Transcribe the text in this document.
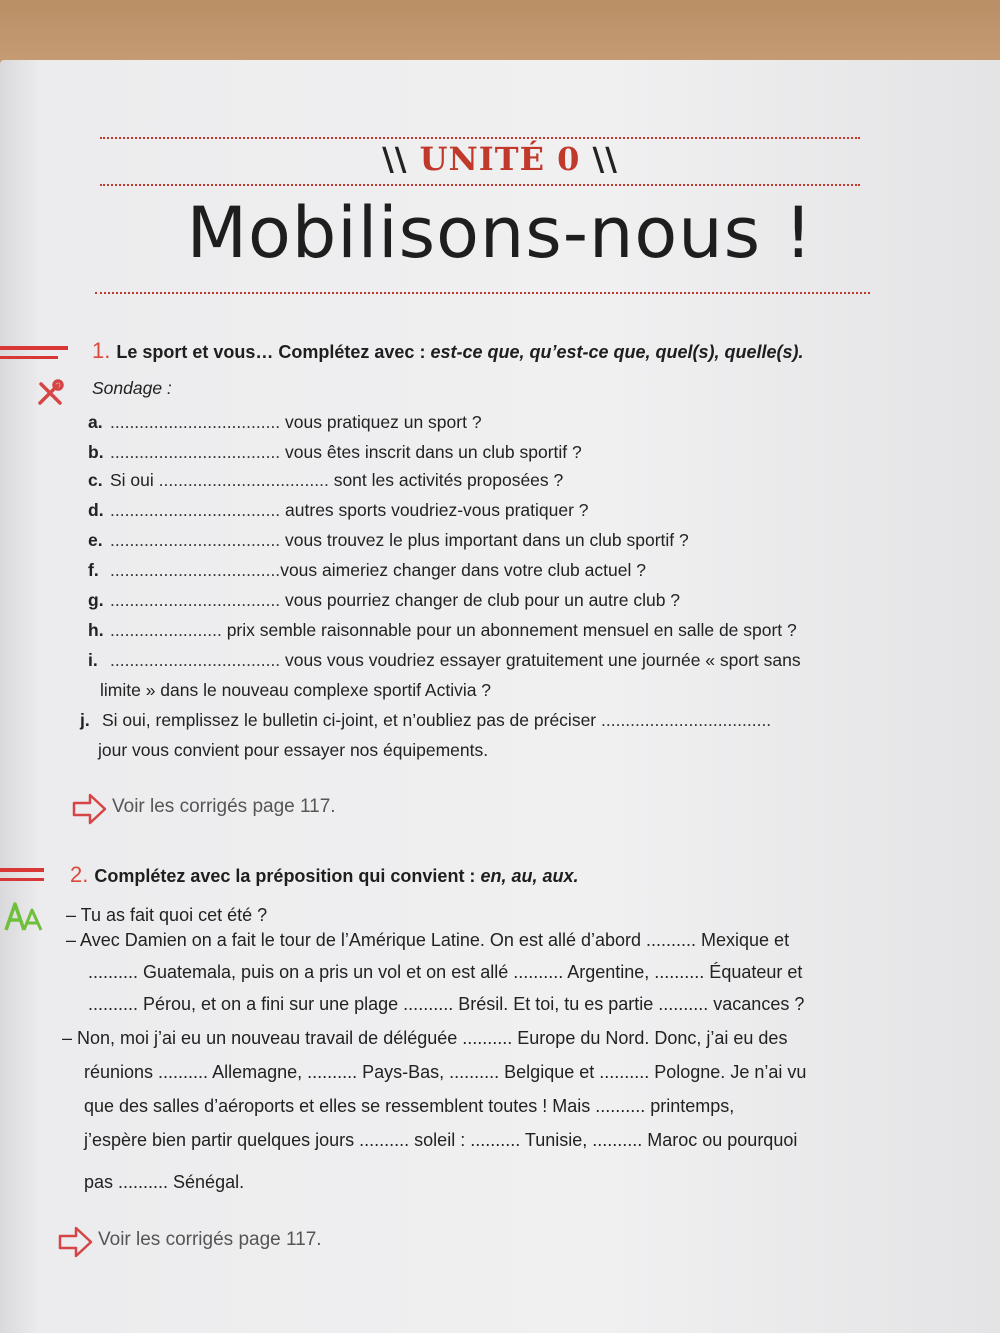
\\ UNITÉ 0 \\
Mobilisons-nous !
1. Le sport et vous… Complétez avec : est-ce que, qu’est-ce que, quel(s), quelle(s).
Sondage :
a. ................................... vous pratiquez un sport ?
b. ................................... vous êtes inscrit dans un club sportif ?
c. Si oui ................................... sont les activités proposées ?
d. ................................... autres sports voudriez-vous pratiquer ?
e. ................................... vous trouvez le plus important dans un club sportif ?
f. ...................................vous aimeriez changer dans votre club actuel ?
g. ................................... vous pourriez changer de club pour un autre club ?
h. ....................... prix semble raisonnable pour un abonnement mensuel en salle de sport ?
i. ................................... vous vous voudriez essayer gratuitement une journée « sport sans
limite » dans le nouveau complexe sportif Activia ?
j. Si oui, remplissez le bulletin ci-joint, et n’oubliez pas de préciser ...................................
jour vous convient pour essayer nos équipements.
Voir les corrigés page 117.
2. Complétez avec la préposition qui convient : en, au, aux.
– Tu as fait quoi cet été ?
– Avec Damien on a fait le tour de l’Amérique Latine. On est allé d’abord .......... Mexique et
.......... Guatemala, puis on a pris un vol et on est allé .......... Argentine, .......... Équateur et
.......... Pérou, et on a fini sur une plage .......... Brésil. Et toi, tu es partie .......... vacances ?
– Non, moi j’ai eu un nouveau travail de déléguée .......... Europe du Nord. Donc, j’ai eu des
réunions .......... Allemagne, .......... Pays-Bas, .......... Belgique et .......... Pologne. Je n’ai vu
que des salles d’aéroports et elles se ressemblent toutes ! Mais .......... printemps,
j’espère bien partir quelques jours .......... soleil : .......... Tunisie, .......... Maroc ou pourquoi
pas .......... Sénégal.
Voir les corrigés page 117.
